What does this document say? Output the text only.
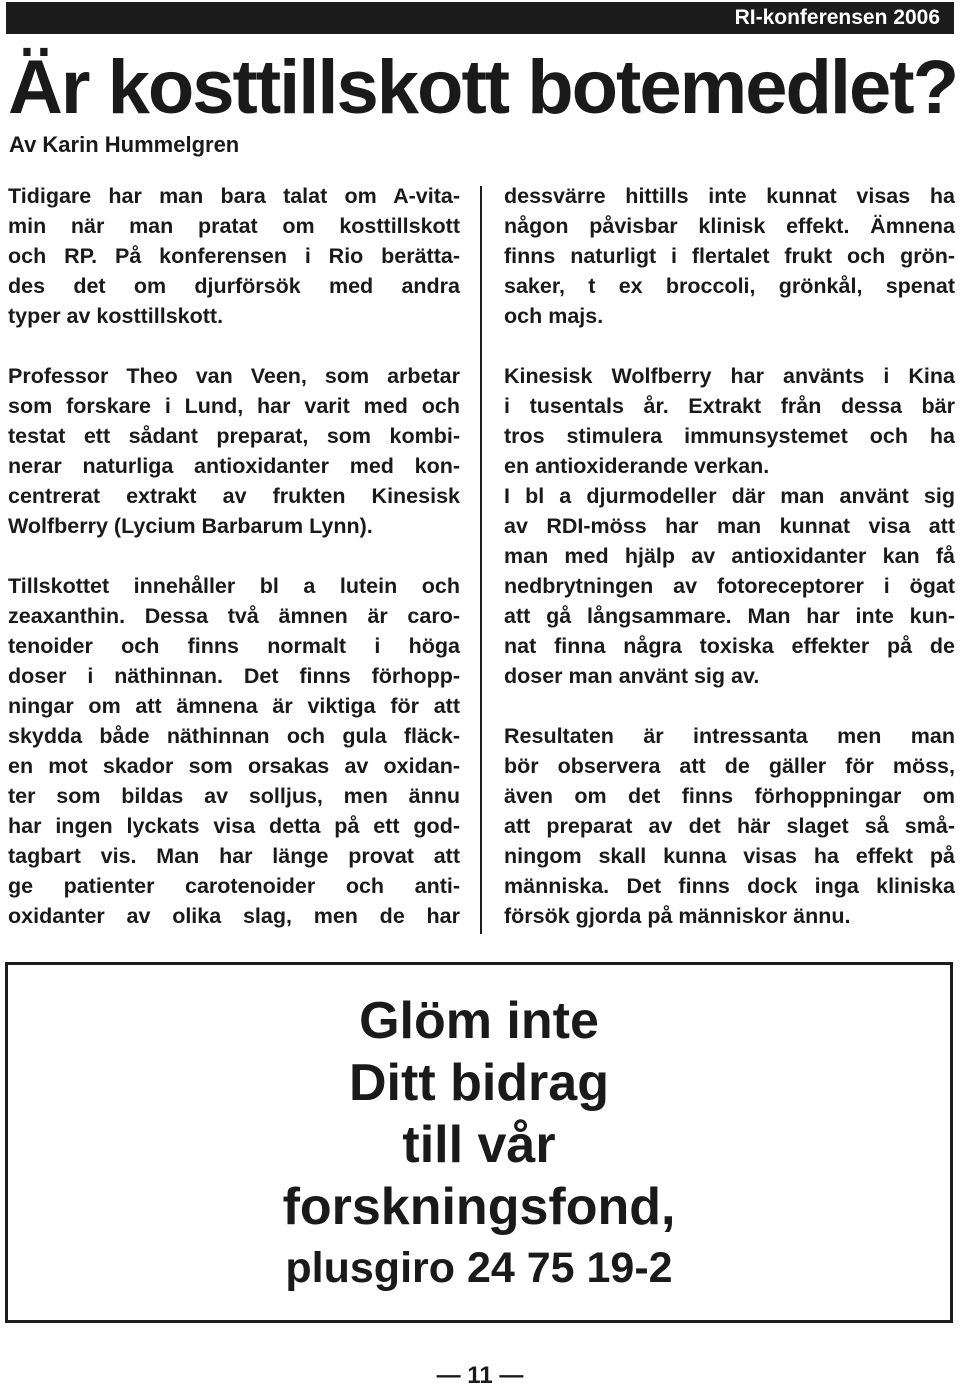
RI-konferensen 2006
Är kosttillskott botemedlet?
Av Karin Hummelgren

Tidigare har man bara talat om A-vita-
min när man pratat om kosttillskott
och RP. På konferensen i Rio berätta-
des det om djurförsök med andra
typer av kosttillskott.

Professor Theo van Veen, som arbetar
som forskare i Lund, har varit med och
testat ett sådant preparat, som kombi-
nerar naturliga antioxidanter med kon-
centrerat extrakt av frukten Kinesisk
Wolfberry (Lycium Barbarum Lynn).

Tillskottet innehåller bl a lutein och
zeaxanthin. Dessa två ämnen är caro-
tenoider och finns normalt i höga
doser i näthinnan. Det finns förhopp-
ningar om att ämnena är viktiga för att
skydda både näthinnan och gula fläck-
en mot skador som orsakas av oxidan-
ter som bildas av solljus, men ännu
har ingen lyckats visa detta på ett god-
tagbart vis. Man har länge provat att
ge patienter carotenoider och anti-
oxidanter av olika slag, men de har

dessvärre hittills inte kunnat visas ha
någon påvisbar klinisk effekt. Ämnena
finns naturligt i flertalet frukt och grön-
saker, t ex broccoli, grönkål, spenat
och majs.

Kinesisk Wolfberry har använts i Kina
i tusentals år. Extrakt från dessa bär
tros stimulera immunsystemet och ha
en antioxiderande verkan.
I bl a djurmodeller där man använt sig
av RDI-möss har man kunnat visa att
man med hjälp av antioxidanter kan få
nedbrytningen av fotoreceptorer i ögat
att gå långsammare. Man har inte kun-
nat finna några toxiska effekter på de
doser man använt sig av.

Resultaten är intressanta men man
bör observera att de gäller för möss,
även om det finns förhoppningar om
att preparat av det här slaget så små-
ningom skall kunna visas ha effekt på
människa. Det finns dock inga kliniska
försök gjorda på människor ännu.

Glöm inte
Ditt bidrag
till vår
forskningsfond,
plusgiro 24 75 19-2
— 11 —
